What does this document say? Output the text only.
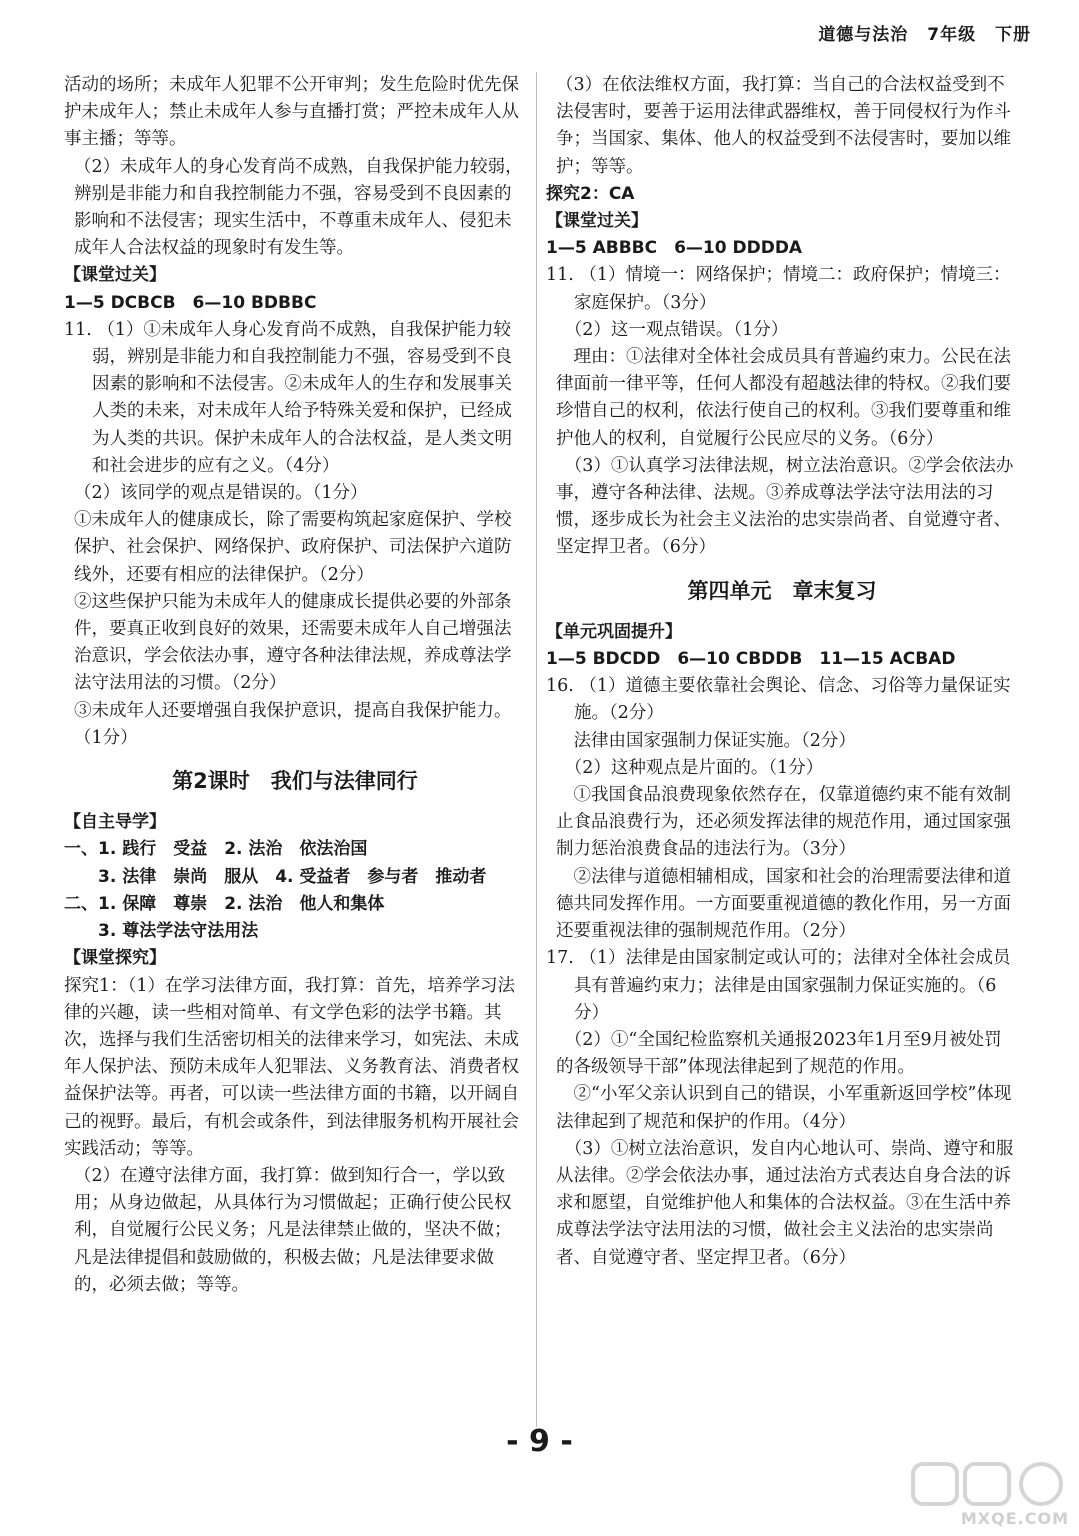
道德与法治 7年级 下册
活动的场所；未成年人犯罪不公开审判；发生危险时优先保护未成年人；禁止未成年人参与直播打赏；严控未成年人从事主播；等等。
（2）未成年人的身心发育尚不成熟，自我保护能力较弱，辨别是非能力和自我控制能力不强，容易受到不良因素的影响和不法侵害；现实生活中，不尊重未成年人、侵犯未成年人合法权益的现象时有发生等。
【课堂过关】
1—5 DCBCB　6—10 BDBBC
11. （1）①未成年人身心发育尚不成熟，自我保护能力较弱，辨别是非能力和自我控制能力不强，容易受到不良因素的影响和不法侵害。②未成年人的生存和发展事关人类的未来，对未成年人给予特殊关爱和保护，已经成为人类的共识。保护未成年人的合法权益，是人类文明和社会进步的应有之义。（4分）
（2）该同学的观点是错误的。（1分）
①未成年人的健康成长，除了需要构筑起家庭保护、学校保护、社会保护、网络保护、政府保护、司法保护六道防线外，还要有相应的法律保护。（2分）
②这些保护只能为未成年人的健康成长提供必要的外部条件，要真正收到良好的效果，还需要未成年人自己增强法治意识，学会依法办事，遵守各种法律法规，养成尊法学法守法用法的习惯。（2分）
③未成年人还要增强自我保护意识，提高自我保护能力。（1分）
第2课时　我们与法律同行
【自主导学】
一、1. 践行　受益　2. 法治　依法治国
　　3. 法律　崇尚　服从　4. 受益者　参与者　推动者
二、1. 保障　尊崇　2. 法治　他人和集体
　　3. 尊法学法守法用法
【课堂探究】
探究1：（1）在学习法律方面，我打算：首先，培养学习法律的兴趣，读一些相对简单、有文学色彩的法学书籍。其次，选择与我们生活密切相关的法律来学习，如宪法、未成年人保护法、预防未成年人犯罪法、义务教育法、消费者权益保护法等。再者，可以读一些法律方面的书籍，以开阔自己的视野。最后，有机会或条件，到法律服务机构开展社会实践活动；等等。
（2）在遵守法律方面，我打算：做到知行合一，学以致用；从身边做起，从具体行为习惯做起；正确行使公民权利，自觉履行公民义务；凡是法律禁止做的，坚决不做；凡是法律提倡和鼓励做的，积极去做；凡是法律要求做的，必须去做；等等。
（3）在依法维权方面，我打算：当自己的合法权益受到不法侵害时，要善于运用法律武器维权，善于同侵权行为作斗争；当国家、集体、他人的权益受到不法侵害时，要加以维护；等等。
探究2：CA
【课堂过关】
1—5 ABBBC　6—10 DDDDA
11. （1）情境一：网络保护；情境二：政府保护；情境三：家庭保护。（3分）
　（2）这一观点错误。（1分）
　理由：①法律对全体社会成员具有普遍约束力。公民在法律面前一律平等，任何人都没有超越法律的特权。②我们要珍惜自己的权利，依法行使自己的权利。③我们要尊重和维护他人的权利，自觉履行公民应尽的义务。（6分）
　（3）①认真学习法律法规，树立法治意识。②学会依法办事，遵守各种法律、法规。③养成尊法学法守法用法的习惯，逐步成长为社会主义法治的忠实崇尚者、自觉遵守者、坚定捍卫者。（6分）
第四单元　章末复习
【单元巩固提升】
1—5 BDCDD　6—10 CBDDB　11—15 ACBAD
16. （1）道德主要依靠社会舆论、信念、习俗等力量保证实施。（2分）
　法律由国家强制力保证实施。（2分）
　（2）这种观点是片面的。（1分）
　①我国食品浪费现象依然存在，仅靠道德约束不能有效制止食品浪费行为，还必须发挥法律的规范作用，通过国家强制力惩治浪费食品的违法行为。（3分）
　②法律与道德相辅相成，国家和社会的治理需要法律和道德共同发挥作用。一方面要重视道德的教化作用，另一方面还要重视法律的强制规范作用。（2分）
17. （1）法律是由国家制定或认可的；法律对全体社会成员具有普遍约束力；法律是由国家强制力保证实施的。（6分）
　（2）①“全国纪检监察机关通报2023年1月至9月被处罚的各级领导干部”体现法律起到了规范的作用。
　②“小军父亲认识到自己的错误，小军重新返回学校”体现法律起到了规范和保护的作用。（4分）
　（3）①树立法治意识，发自内心地认可、崇尚、遵守和服从法律。②学会依法办事，通过法治方式表达自身合法的诉求和愿望，自觉维护他人和集体的合法权益。③在生活中养成尊法学法守法用法的习惯，做社会主义法治的忠实崇尚者、自觉遵守者、坚定捍卫者。（6分）
- 9 -
MXQE.COM
